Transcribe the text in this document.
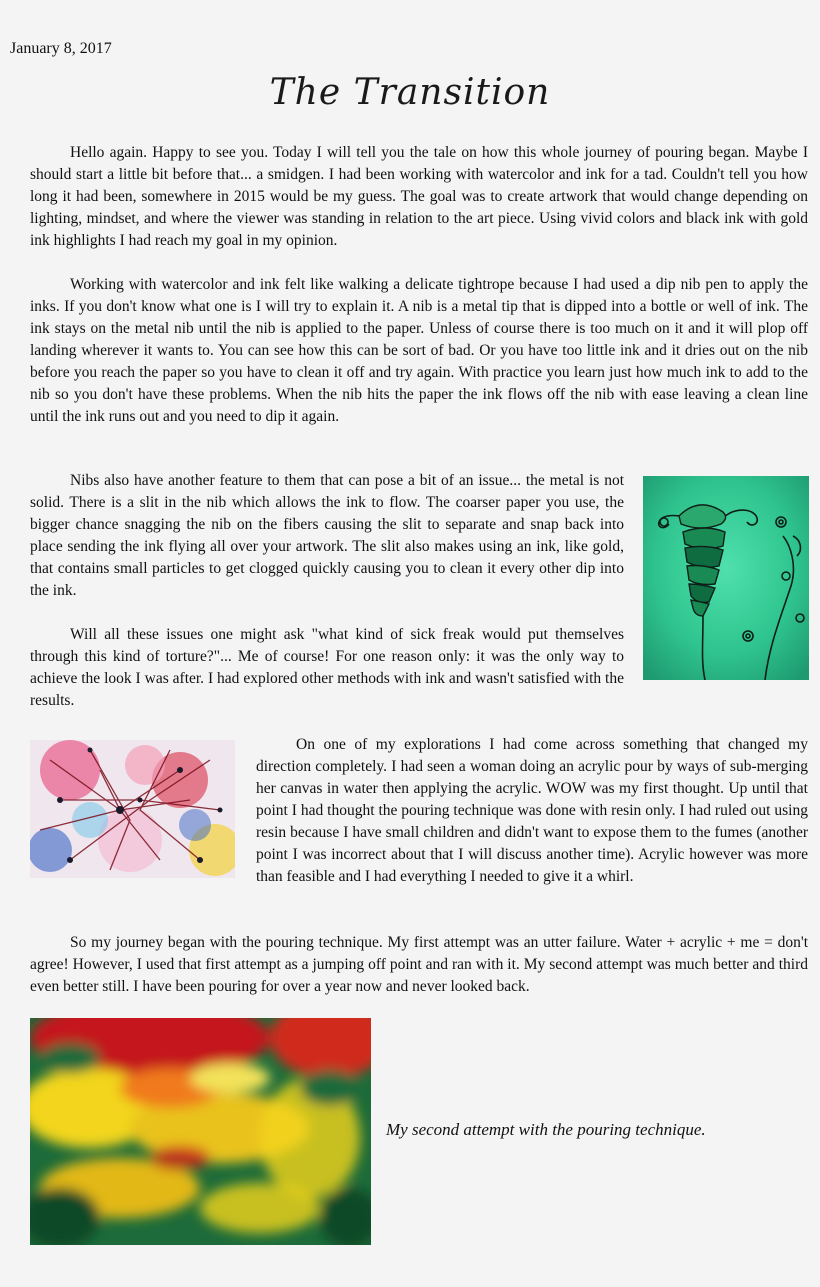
January 8, 2017
The Transition

Hello again. Happy to see you. Today I will tell you the tale on how this whole journey of pouring began. Maybe I should start a little bit before that... a smidgen. I had been working with watercolor and ink for a tad. Couldn't tell you how long it had been, somewhere in 2015 would be my guess. The goal was to create artwork that would change depending on lighting, mindset, and where the viewer was standing in relation to the art piece. Using vivid colors and black ink with gold ink highlights I had reach my goal in my opinion.

Working with watercolor and ink felt like walking a delicate tightrope because I had used a dip nib pen to apply the inks. If you don't know what one is I will try to explain it. A nib is a metal tip that is dipped into a bottle or well of ink. The ink stays on the metal nib until the nib is applied to the paper. Unless of course there is too much on it and it will plop off landing wherever it wants to. You can see how this can be sort of bad. Or you have too little ink and it dries out on the nib before you reach the paper so you have to clean it off and try again. With practice you learn just how much ink to add to the nib so you don't have these problems. When the nib hits the paper the ink flows off the nib with ease leaving a clean line until the ink runs out and you need to dip it again.

Nibs also have another feature to them that can pose a bit of an issue... the metal is not solid. There is a slit in the nib which allows the ink to flow. The coarser paper you use, the bigger chance snagging the nib on the fibers causing the slit to separate and snap back into place sending the ink flying all over your artwork. The slit also makes using an ink, like gold, that contains small particles to get clogged quickly causing you to clean it every other dip into the ink.

Will all these issues one might ask "what kind of sick freak would put themselves through this kind of torture?"... Me of course! For one reason only: it was the only way to achieve the look I was after. I had explored other methods with ink and wasn't satisfied with the results.

On one of my explorations I had come across something that changed my direction completely. I had seen a woman doing an acrylic pour by ways of sub-merging her canvas in water then applying the acrylic. WOW was my first thought. Up until that point I had thought the pouring technique was done with resin only. I had ruled out using resin because I have small children and didn't want to expose them to the fumes (another point I was incorrect about that I will discuss another time). Acrylic however was more than feasible and I had everything I needed to give it a whirl.

So my journey began with the pouring technique. My first attempt was an utter failure. Water + acrylic + me = don't agree! However, I used that first attempt as a jumping off point and ran with it. My second attempt was much better and third even better still. I have been pouring for over a year now and never looked back.

My second attempt with the pouring technique.
